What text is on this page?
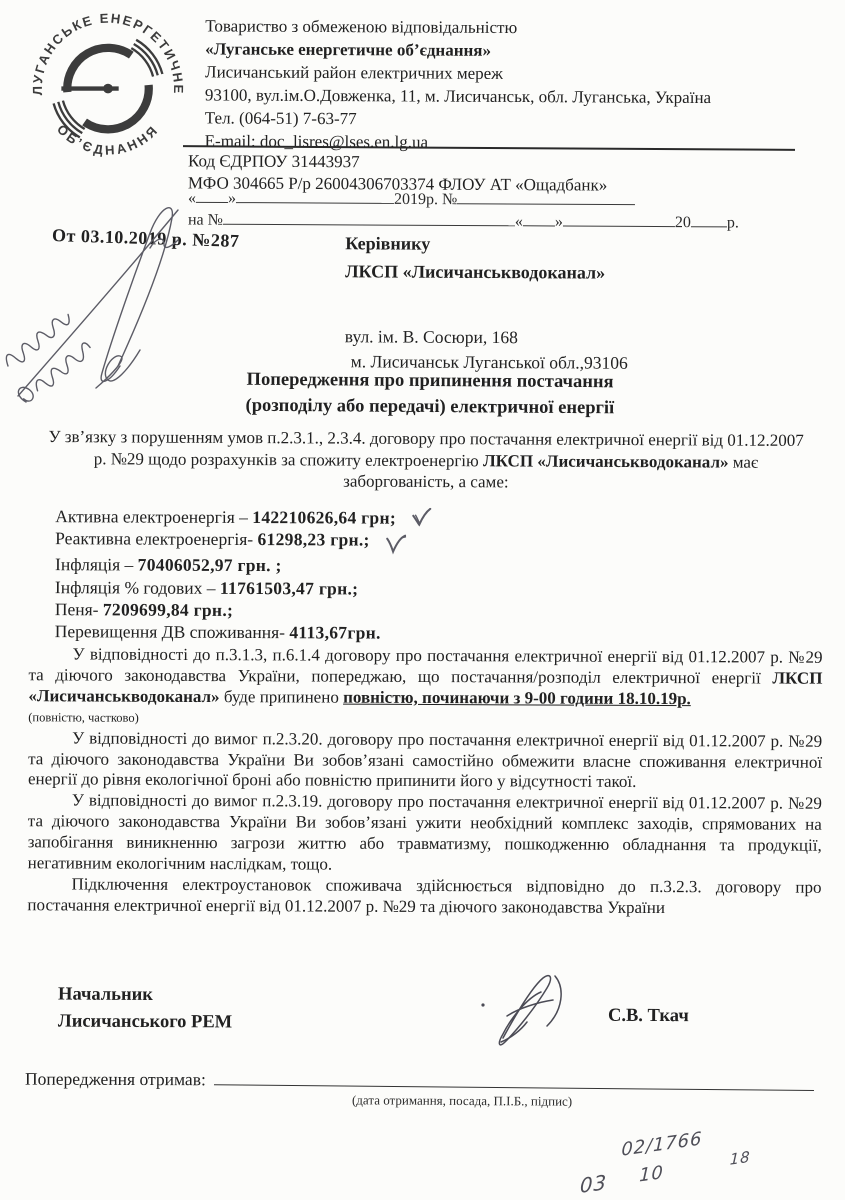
ЛУГАНСЬКЕ ЕНЕРГЕТИЧНЕ
ОБ’ЄДНАННЯ
Товариство з обмеженою відповідальністю
«Луганське енергетичне об’єднання»
Лисичанський район електричних мереж
93100, вул.ім.О.Довженка, 11, м. Лисичанськ, обл. Луганська, Україна
Тел. (064-51) 7-63-77
E-mail: doc_lisres@lses.en.lg.ua
Код ЄДРПОУ 31443937
МФО 304665 Р/р 26004306703374 ФЛОУ АТ «Ощадбанк»
« »	2019р. №
на №	« »	20 р.
От 03.10.2019 р. №287	Керівнику
ЛКСП «Лисичанськводоканал»
вул. ім. В. Сосюри, 168
м. Лисичанськ Луганської обл.,93106
Попередження про припинення постачання
(розподілу або передачі) електричної енергії
У зв’язку з порушенням умов п.2.3.1., 2.3.4. договору про постачання електричної енергії від 01.12.2007 р. №29 щодо розрахунків за спожиту електроенергію ЛКСП «Лисичанськводоканал» має заборгованість, а саме:
Активна електроенергія – 142210626,64 грн;
Реактивна електроенергія- 61298,23 грн.;
Інфляція – 70406052,97 грн. ;
Інфляція % годових – 11761503,47 грн.;
Пеня- 7209699,84 грн.;
Перевищення ДВ споживання- 4113,67грн.

У відповідності до п.3.1.3, п.6.1.4 договору про постачання електричної енергії від 01.12.2007 р. №29 та діючого законодавства України, попереджаю, що постачання/розподіл електричної енергії ЛКСП «Лисичанськводоканал» буде припинено повністю, починаючи з 9-00 години 18.10.19р.

(повністю, частково)

У відповідності до вимог п.2.3.20. договору про постачання електричної енергії від 01.12.2007 р. №29 та діючого законодавства України Ви зобов’язані самостійно обмежити власне споживання електричної енергії до рівня екологічної броні або повністю припинити його у відсутності такої.

У відповідності до вимог п.2.3.19. договору про постачання електричної енергії від 01.12.2007 р. №29 та діючого законодавства України Ви зобов’язані ужити необхідний комплекс заходів, спрямованих на запобігання виникненню загрози життю або травматизму, пошкодженню обладнання та продукції, негативним екологічним наслідкам, тощо.

Підключення електроустановок споживача здійснюється відповідно до п.3.2.3. договору про постачання електричної енергії від 01.12.2007 р. №29 та діючого законодавства України

Начальник
Лисичанського РЕМ	С.В. Ткач
Попередження отримав:
(дата отримання, посада, П.І.Б., підпис)
03
02/1766
10
18
